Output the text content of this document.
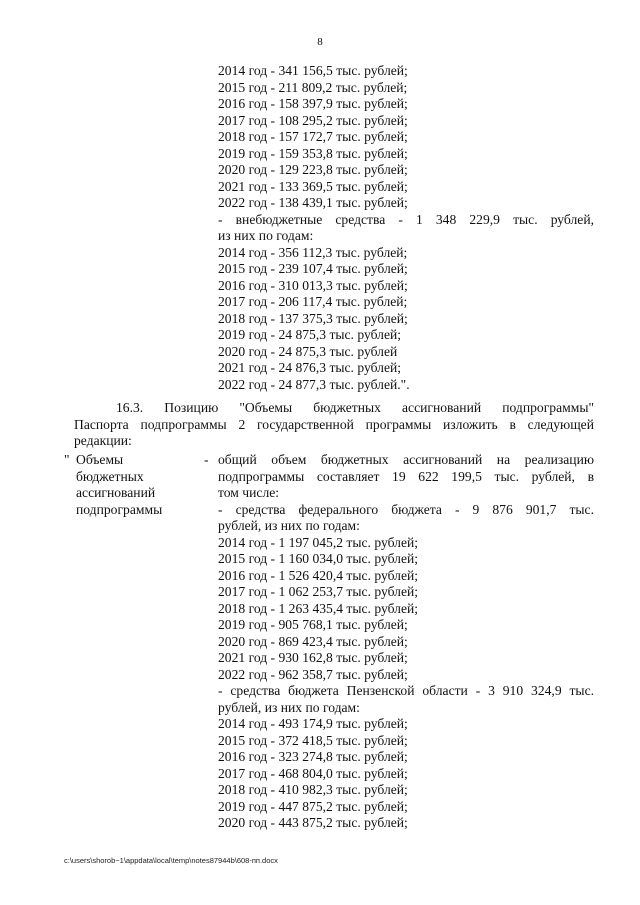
8
2014 год - 341 156,5 тыс. рублей;
2015 год - 211 809,2 тыс. рублей;
2016 год - 158 397,9 тыс. рублей;
2017 год - 108 295,2 тыс. рублей;
2018 год - 157 172,7 тыс. рублей;
2019 год - 159 353,8 тыс. рублей;
2020 год - 129 223,8 тыс. рублей;
2021 год - 133 369,5 тыс. рублей;
2022 год - 138 439,1 тыс. рублей;
- внебюджетные средства - 1 348 229,9 тыс. рублей,
из них по годам:
2014 год - 356 112,3 тыс. рублей;
2015 год - 239 107,4 тыс. рублей;
2016 год - 310 013,3 тыс. рублей;
2017 год - 206 117,4 тыс. рублей;
2018 год - 137 375,3 тыс. рублей;
2019 год - 24 875,3 тыс. рублей;
2020 год - 24 875,3 тыс. рублей
2021 год - 24 876,3 тыс. рублей;
2022 год - 24 877,3 тыс. рублей.".
16.3. Позицию "Объемы бюджетных ассигнований подпрограммы"
Паспорта подпрограммы 2 государственной программы изложить в следующей
редакции:
" Объемы
бюджетных
ассигнований
подпрограммы
- общий объем бюджетных ассигнований на реализацию
подпрограммы составляет 19 622 199,5 тыс. рублей, в
том числе:
- средства федерального бюджета - 9 876 901,7 тыс.
рублей, из них по годам:
2014 год - 1 197 045,2 тыс. рублей;
2015 год - 1 160 034,0 тыс. рублей;
2016 год - 1 526 420,4 тыс. рублей;
2017 год - 1 062 253,7 тыс. рублей;
2018 год - 1 263 435,4 тыс. рублей;
2019 год - 905 768,1 тыс. рублей;
2020 год - 869 423,4 тыс. рублей;
2021 год - 930 162,8 тыс. рублей;
2022 год - 962 358,7 тыс. рублей;
- средства бюджета Пензенской области - 3 910 324,9 тыс.
рублей, из них по годам:
2014 год - 493 174,9 тыс. рублей;
2015 год - 372 418,5 тыс. рублей;
2016 год - 323 274,8 тыс. рублей;
2017 год - 468 804,0 тыс. рублей;
2018 год - 410 982,3 тыс. рублей;
2019 год - 447 875,2 тыс. рублей;
2020 год - 443 875,2 тыс. рублей;
c:\users\shorob~1\appdata\local\temp\notes87944b\608-пп.docx
